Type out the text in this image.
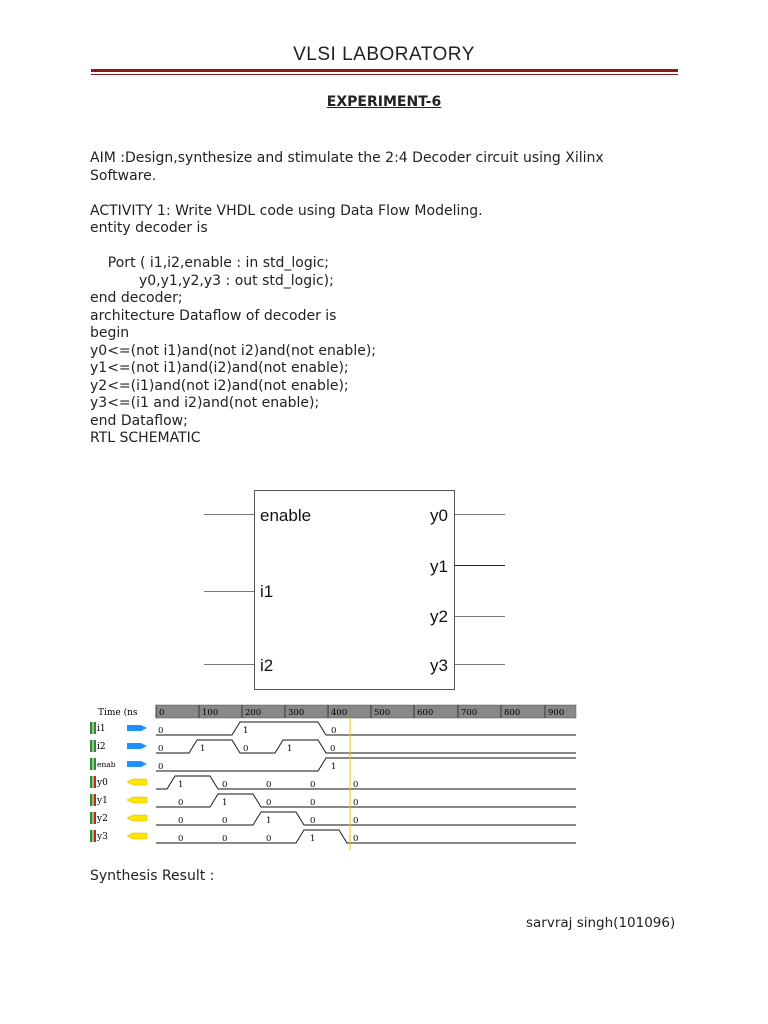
VLSI LABORATORY
EXPERIMENT-6
AIM :Design,synthesize and stimulate the 2:4 Decoder circuit using Xilinx
Software.
ACTIVITY 1: Write VHDL code using Data Flow Modeling.
entity decoder is
Port ( i1,i2,enable : in std_logic;
y0,y1,y2,y3 : out std_logic);
end decoder;
architecture Dataflow of decoder is
begin
y0<=(not i1)and(not i2)and(not enable);
y1<=(not i1)and(i2)and(not enable);
y2<=(i1)and(not i2)and(not enable);
y3<=(i1 and i2)and(not enable);
end Dataflow;
RTL SCHEMATIC
enable
i1
i2
y0
y1
y2
y3
Time (ns	0	100	200	300	400	500	600	700	800	900
i1	0	1	0
i2	0	1	0	1	0
enab	0	1
y0	1	0	0	0	0
y1	0	1	0	0	0
y2	0	0	1	0	0
y3	0	0	0	1	0
Synthesis Result :
sarvraj singh(101096)
